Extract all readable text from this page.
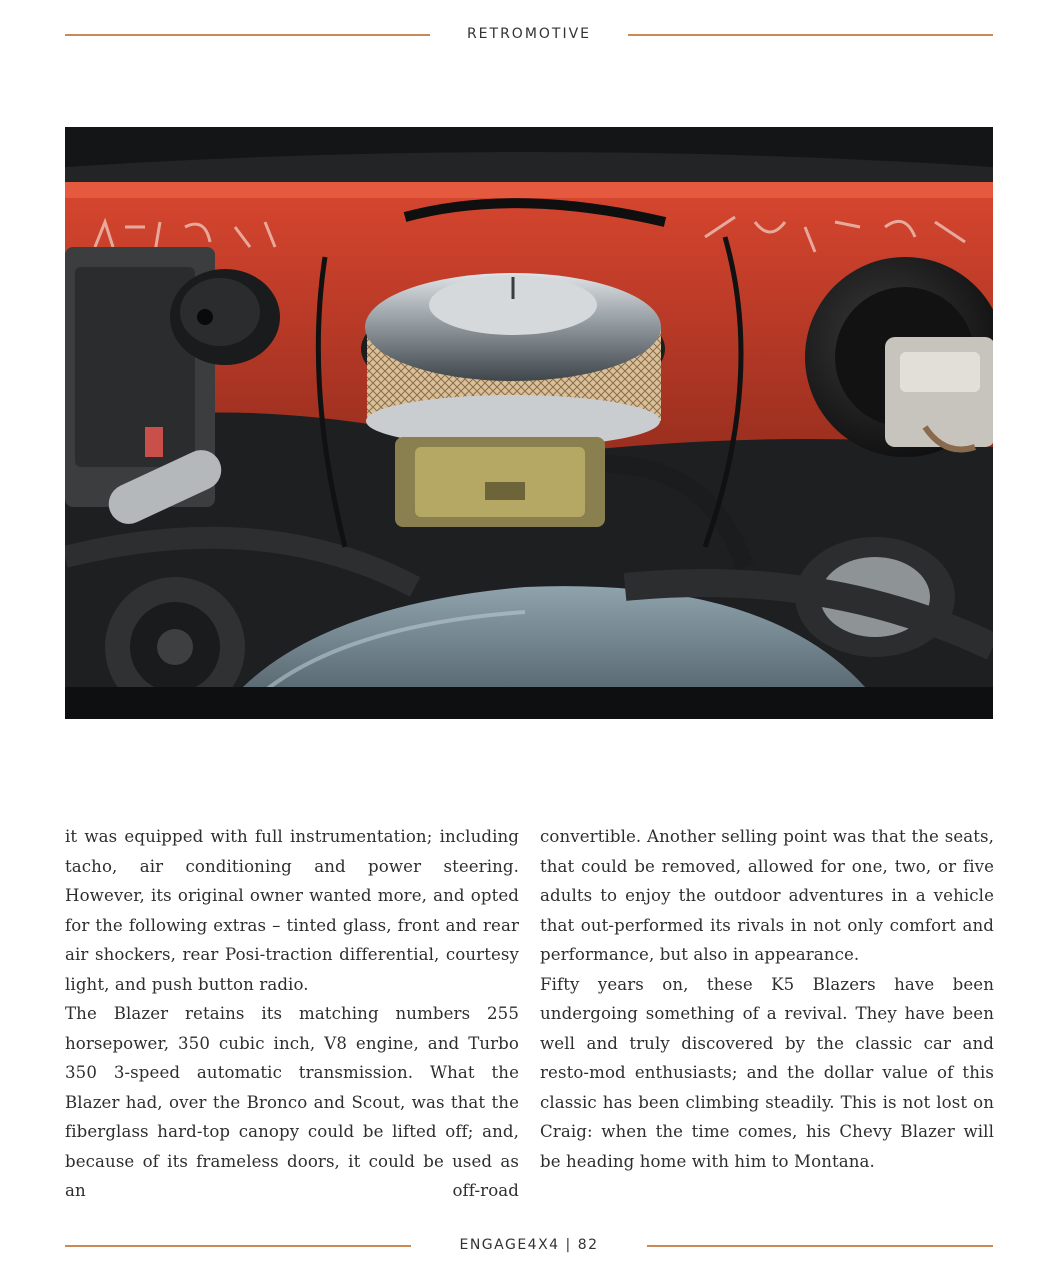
RETROMOTIVE

it was equipped with full instrumentation; including tacho, air conditioning and power steering. However, its original owner wanted more, and opted for the following extras – tinted glass, front and rear air shockers, rear Posi-traction differential, courtesy light, and push button radio.

The Blazer retains its matching numbers 255 horsepower, 350 cubic inch, V8 engine, and Turbo 350 3-speed automatic transmission. What the Blazer had, over the Bronco and Scout, was that the fiberglass hard-top canopy could be lifted off; and, because of its frameless doors, it could be used as an off-road

convertible. Another selling point was that the seats, that could be removed, allowed for one, two, or five adults to enjoy the outdoor adventures in a vehicle that out-performed its rivals in not only comfort and performance, but also in appearance.

Fifty years on, these K5 Blazers have been undergoing something of a revival. They have been well and truly discovered by the classic car and resto-mod enthusiasts; and the dollar value of this classic has been climbing steadily. This is not lost on Craig: when the time comes, his Chevy Blazer will be heading home with him to Montana.

ENGAGE4X4 | 82
